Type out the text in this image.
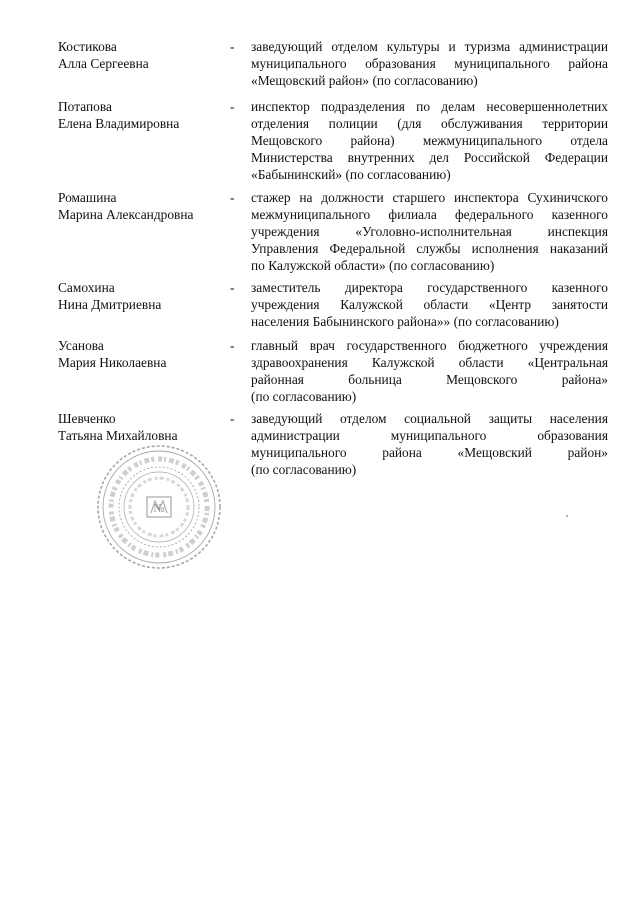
Костикова
Алла Сергеевна
- заведующий отделом культуры и туризма администрации
муниципального образования муниципального района
«Мещовский район» (по согласованию)
Потапова
Елена Владимировна
- инспектор подразделения по делам несовершеннолетних
отделения полиции (для обслуживания территории
Мещовского района) межмуниципального отдела
Министерства внутренних дел Российской Федерации
«Бабынинский» (по согласованию)
Ромашина
Марина Александровна
- стажер на должности старшего инспектора Сухиничского
межмуниципального филиала федерального казенного
учреждения «Уголовно-исполнительная инспекция
Управления Федеральной службы исполнения наказаний
по Калужской области» (по согласованию)
Самохина
Нина Дмитриевна
- заместитель директора государственного казенного
учреждения Калужской области «Центр занятости
населения Бабынинского района»» (по согласованию)
Усанова
Мария Николаевна
- главный врач государственного бюджетного учреждения
здравоохранения Калужской области «Центральная
районная больница Мещовского района»
(по согласованию)
Шевченко
Татьяна Михайловна
- заведующий отделом социальной защиты населения
администрации муниципального образования
муниципального района «Мещовский район»
(по согласованию)
№
